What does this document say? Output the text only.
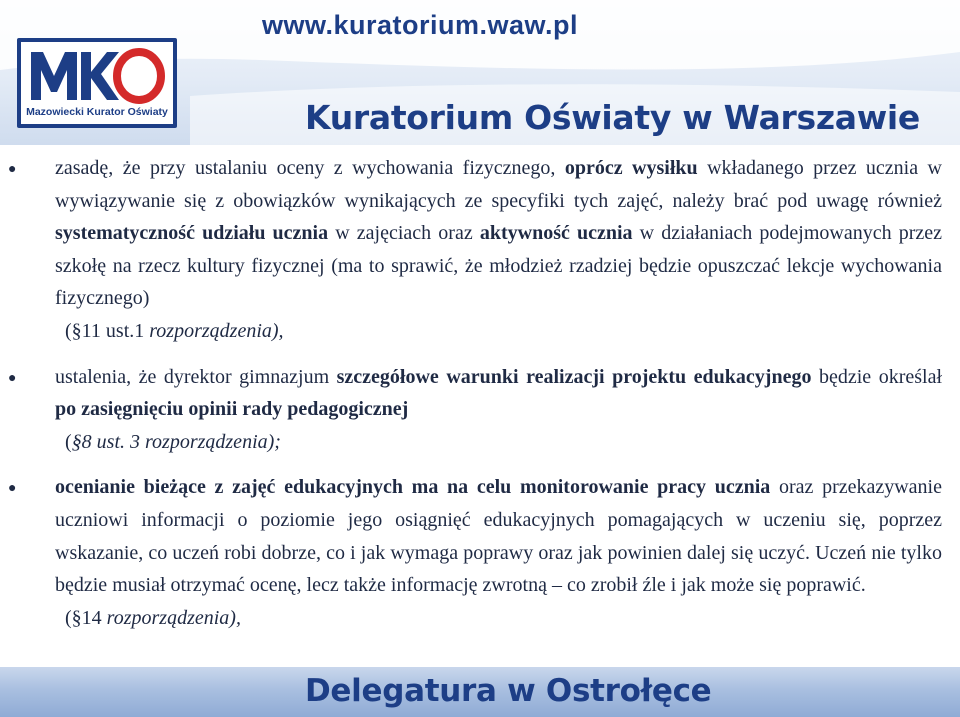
www.kuratorium.waw.pl
Mazowiecki Kurator Oświaty	Kuratorium Oświaty w Warszawie
● zasadę, że przy ustalaniu oceny z wychowania fizycznego, oprócz wysiłku wkładanego przez ucznia w wywiązywanie się z obowiązków wynikających ze specyfiki tych zajęć, należy brać pod uwagę również systematyczność udziału ucznia w zajęciach oraz aktywność ucznia w działaniach podejmowanych przez szkołę na rzecz kultury fizycznej (ma to sprawić, że młodzież rzadziej będzie opuszczać lekcje wychowania fizycznego)
(§11 ust.1 rozporządzenia),
● ustalenia, że dyrektor gimnazjum szczegółowe warunki realizacji projektu edukacyjnego będzie określał po zasięgnięciu opinii rady pedagogicznej
(§8 ust. 3 rozporządzenia);
● ocenianie bieżące z zajęć edukacyjnych ma na celu monitorowanie pracy ucznia oraz przekazywanie uczniowi informacji o poziomie jego osiągnięć edukacyjnych pomagających w uczeniu się, poprzez wskazanie, co uczeń robi dobrze, co i jak wymaga poprawy oraz jak powinien dalej się uczyć. Uczeń nie tylko będzie musiał otrzymać ocenę, lecz także informację zwrotną – co zrobił źle i jak może się poprawić.
(§14 rozporządzenia),
Delegatura w Ostrołęce
